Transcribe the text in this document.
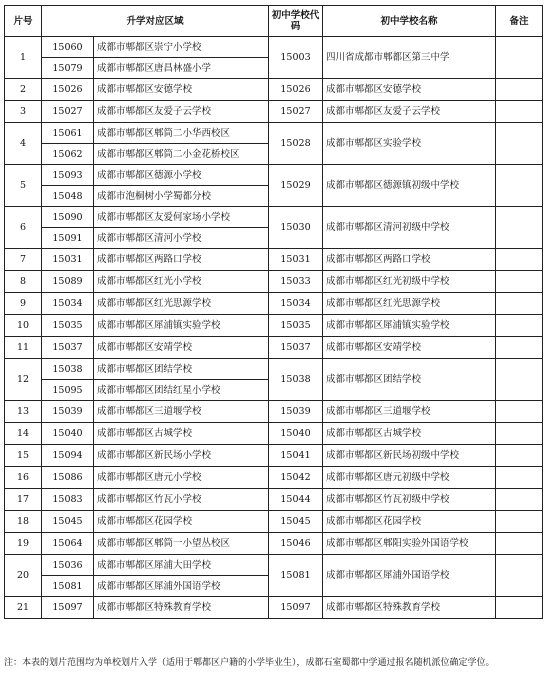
片号	升学对应区域		初中学校代码	初中学校名称	备注
1	15060	成都市郫都区崇宁小学校	15003	四川省成都市郫都区第三中学	
	15079	成都市郫都区唐昌林盛小学			
2	15026	成都市郫都区安德学校	15026	成都市郫都区安德学校	
3	15027	成都市郫都区友爱子云学校	15027	成都市郫都区友爱子云学校	
4	15061	成都市郫都区郫筒二小华西校区	15028	成都市郫都区实验学校	
	15062	成都市郫都区郫筒二小金花桥校区			
5	15093	成都市郫都区德源小学校	15029	成都市郫都区德源镇初级中学校	
	15048	成都市泡桐树小学蜀都分校			
6	15090	成都市郫都区友爱何家场小学校	15030	成都市郫都区清河初级中学校	
	15091	成都市郫都区清河小学校			
7	15031	成都市郫都区两路口学校	15031	成都市郫都区两路口学校	
8	15089	成都市郫都区红光小学校	15033	成都市郫都区红光初级中学校	
9	15034	成都市郫都区红光思源学校	15034	成都市郫都区红光思源学校	
10	15035	成都市郫都区犀浦镇实验学校	15035	成都市郫都区犀浦镇实验学校	
11	15037	成都市郫都区安靖学校	15037	成都市郫都区安靖学校	
12	15038	成都市郫都区团结学校	15038	成都市郫都区团结学校	
	15095	成都市郫都区团结红星小学校			
13	15039	成都市郫都区三道堰学校	15039	成都市郫都区三道堰学校	
14	15040	成都市郫都区古城学校	15040	成都市郫都区古城学校	
15	15094	成都市郫都区新民场小学校	15041	成都市郫都区新民场初级中学校	
16	15086	成都市郫都区唐元小学校	15042	成都市郫都区唐元初级中学校	
17	15083	成都市郫都区竹瓦小学校	15044	成都市郫都区竹瓦初级中学校	
18	15045	成都市郫都区花园学校	15045	成都市郫都区花园学校	
19	15064	成都市郫都区郫筒一小望丛校区	15046	成都市郫都区郫阳实验外国语学校	
20	15036	成都市郫都区犀浦大田学校	15081	成都市郫都区犀浦外国语学校	
	15081	成都市郫都区犀浦外国语学校			
21	15097	成都市郫都区特殊教育学校	15097	成都市郫都区特殊教育学校	
注：本表的划片范围均为单校划片入学（适用于郫都区户籍的小学毕业生），成都石室蜀都中学通过报名随机派位确定学位。
